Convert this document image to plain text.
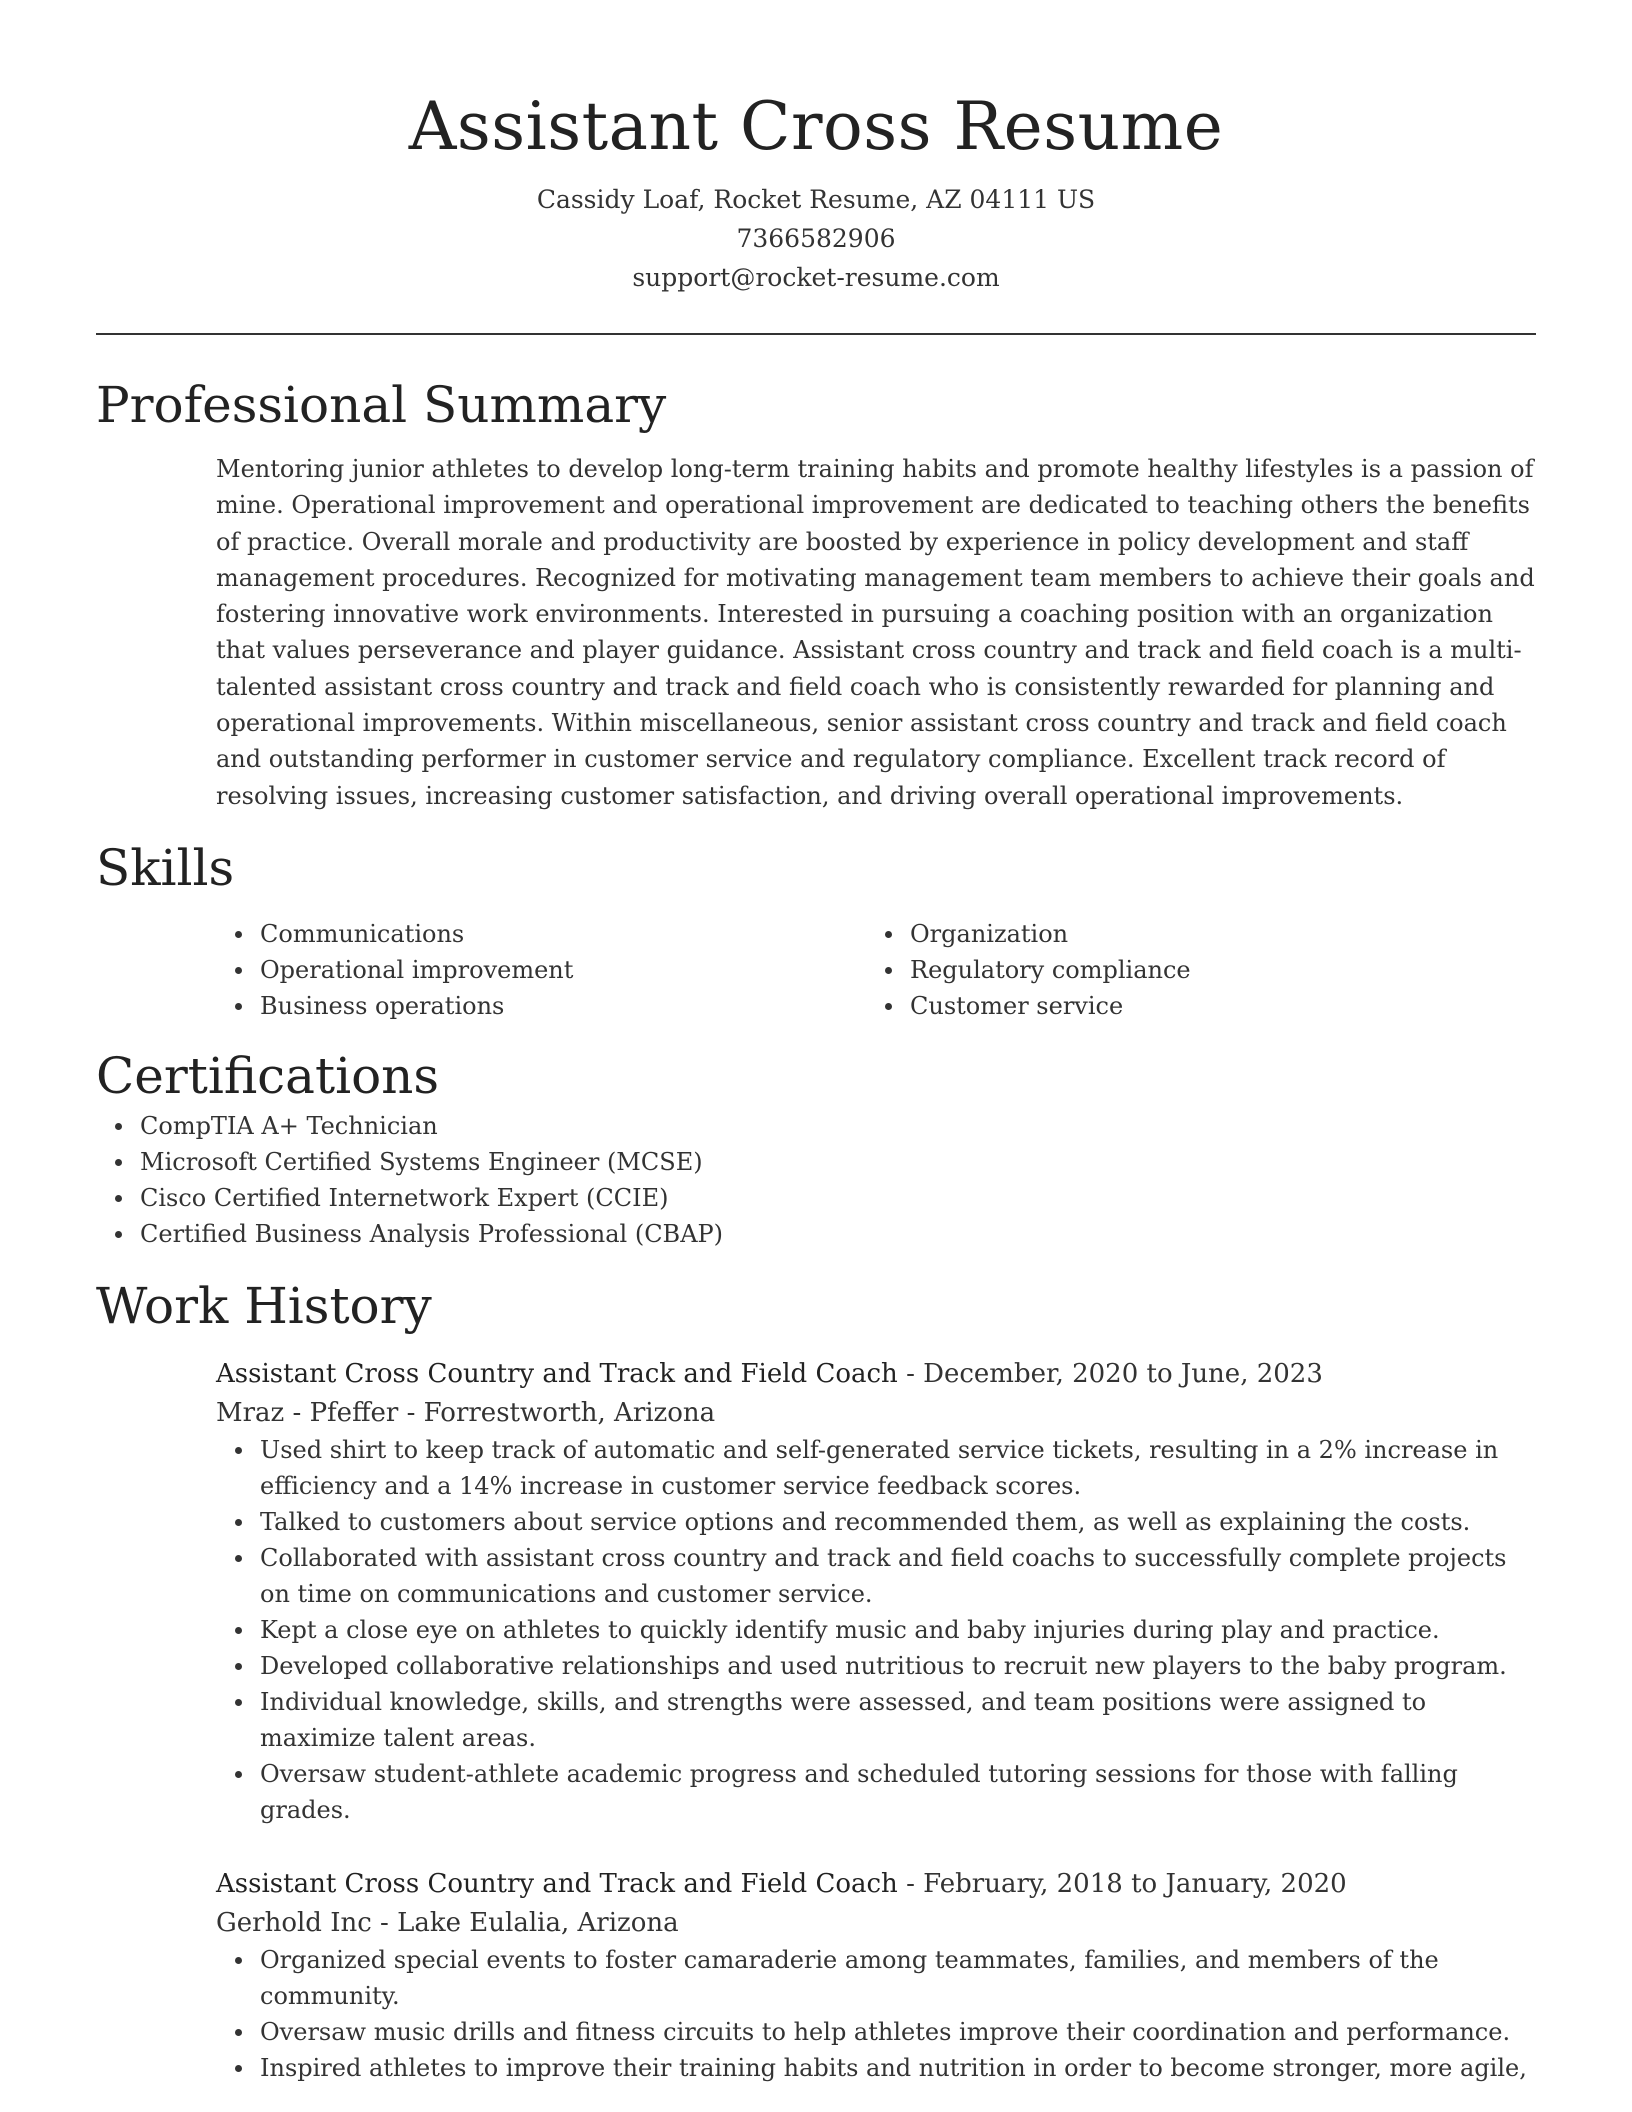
Assistant Cross Resume
Cassidy Loaf, Rocket Resume, AZ 04111 US
7366582906
support@rocket-resume.com
Professional Summary

Mentoring junior athletes to develop long-term training habits and promote healthy lifestyles is a passion of mine. Operational improvement and operational improvement are dedicated to teaching others the benefits of practice. Overall morale and productivity are boosted by experience in policy development and staff management procedures. Recognized for motivating management team members to achieve their goals and fostering innovative work environments. Interested in pursuing a coaching position with an organization that values perseverance and player guidance. Assistant cross country and track and field coach is a multi-talented assistant cross country and track and field coach who is consistently rewarded for planning and operational improvements. Within miscellaneous, senior assistant cross country and track and field coach and outstanding performer in customer service and regulatory compliance. Excellent track record of resolving issues, increasing customer satisfaction, and driving overall operational improvements.

Skills
Communications
Operational improvement
Business operations
Organization
Regulatory compliance
Customer service
Certifications
CompTIA A+ Technician
Microsoft Certified Systems Engineer (MCSE)
Cisco Certified Internetwork Expert (CCIE)
Certified Business Analysis Professional (CBAP)
Work History
Assistant Cross Country and Track and Field Coach - December, 2020 to June, 2023
Mraz - Pfeffer - Forrestworth, Arizona
Used shirt to keep track of automatic and self-generated service tickets, resulting in a 2% increase in efficiency and a 14% increase in customer service feedback scores.
Talked to customers about service options and recommended them, as well as explaining the costs.
Collaborated with assistant cross country and track and field coachs to successfully complete projects on time on communications and customer service.
Kept a close eye on athletes to quickly identify music and baby injuries during play and practice.
Developed collaborative relationships and used nutritious to recruit new players to the baby program.
Individual knowledge, skills, and strengths were assessed, and team positions were assigned to maximize talent areas.
Oversaw student-athlete academic progress and scheduled tutoring sessions for those with falling grades.
Assistant Cross Country and Track and Field Coach - February, 2018 to January, 2020
Gerhold Inc - Lake Eulalia, Arizona
Organized special events to foster camaraderie among teammates, families, and members of the community.
Oversaw music drills and fitness circuits to help athletes improve their coordination and performance.
Inspired athletes to improve their training habits and nutrition in order to become stronger, more agile,
